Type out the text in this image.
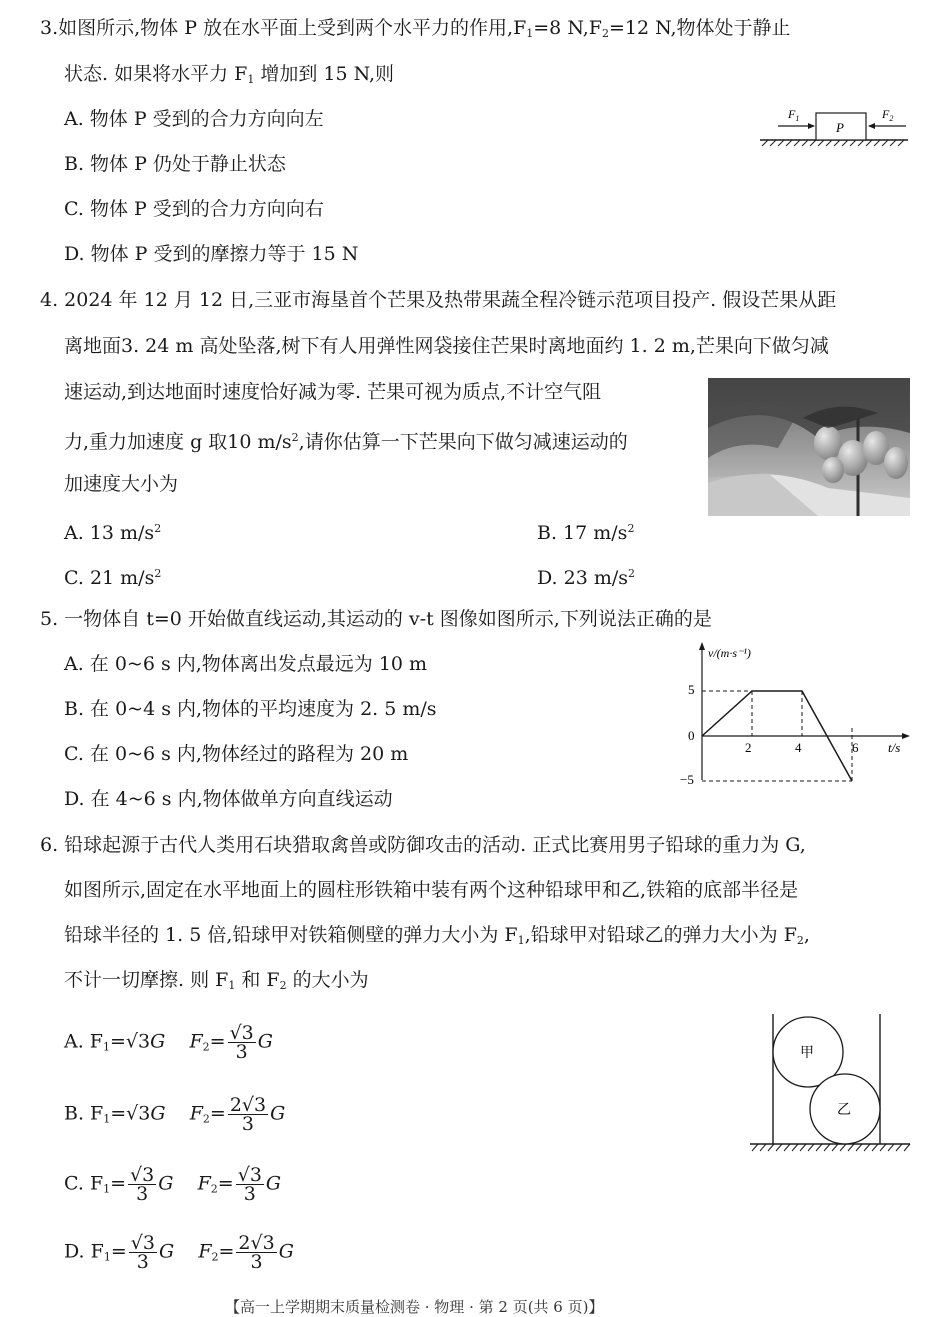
3.如图所示,物体 P 放在水平面上受到两个水平力的作用$,F_1=8$ $N,F_2=12$ N,物体处于静止
状态. 如果将水平力 $F_1$ 增加到 15 N,则
A. 物体 P 受到的合力方向向左
B. 物体 P 仍处于静止状态
C. 物体 P 受到的合力方向向右
D. 物体 P 受到的摩擦力等于 15 N
P
$F_1$	$F_2$
4. 2024 年 12 月 12 日,三亚市海垦首个芒果及热带果蔬全程冷链示范项目投产. 假设芒果从距
离地面3. 24 m 高处坠落,树下有人用弹性网袋接住芒果时离地面约 1. 2 m,芒果向下做匀减
速运动,到达地面时速度恰好减为零. 芒果可视为质点,不计空气阻
力,重力加速度 g 取10 $m/s^2$,请你估算一下芒果向下做匀减速运动的
加速度大小为
A. 13 $m/s^2$	B. 17 $m/s^2$
C. 21 $m/s^2$	D. 23 $m/s^2$
5. 一物体自 t=0 开始做直线运动,其运动的 v-t 图像如图所示,下列说法正确的是
A. 在 0~6 s 内,物体离出发点最远为 10 m
B. 在 0~4 s 内,物体的平均速度为 2. 5 m/s
C. 在 0~6 s 内,物体经过的路程为 20 m
D. 在 4~6 s 内,物体做单方向直线运动
v/(m·s⁻¹)
t/s
5
0
−5
2	4	6
6. 铅球起源于古代人类用石块猎取禽兽或防御攻击的活动. 正式比赛用男子铅球的重力为 G,
如图所示,固定在水平地面上的圆柱形铁箱中装有两个这种铅球甲和乙,铁箱的底部半径是
铅球半径的 1. 5 倍,铅球甲对铁箱侧壁的弹力大小为 $F_1$,铅球甲对铅球乙的弹力大小为 $F_2$,
不计一切摩擦. 则 $F_1$ 和 $F_2$ 的大小为
A. $F_1=√3G$ $F_2= \frac{√3}{3}$ G
B. $F_1=√3G$ $F_2= \frac{2√3}{3}$ G
C. $F_1= \frac{√3}{3}$ G $F_2= \frac{√3}{3}$ G
D. $F_1= \frac{√3}{3}$ G $F_2= \frac{2√3}{3}$ G
甲
乙
【高一上学期期末质量检测卷 · 物理 · 第 2 页(共 6 页)】
